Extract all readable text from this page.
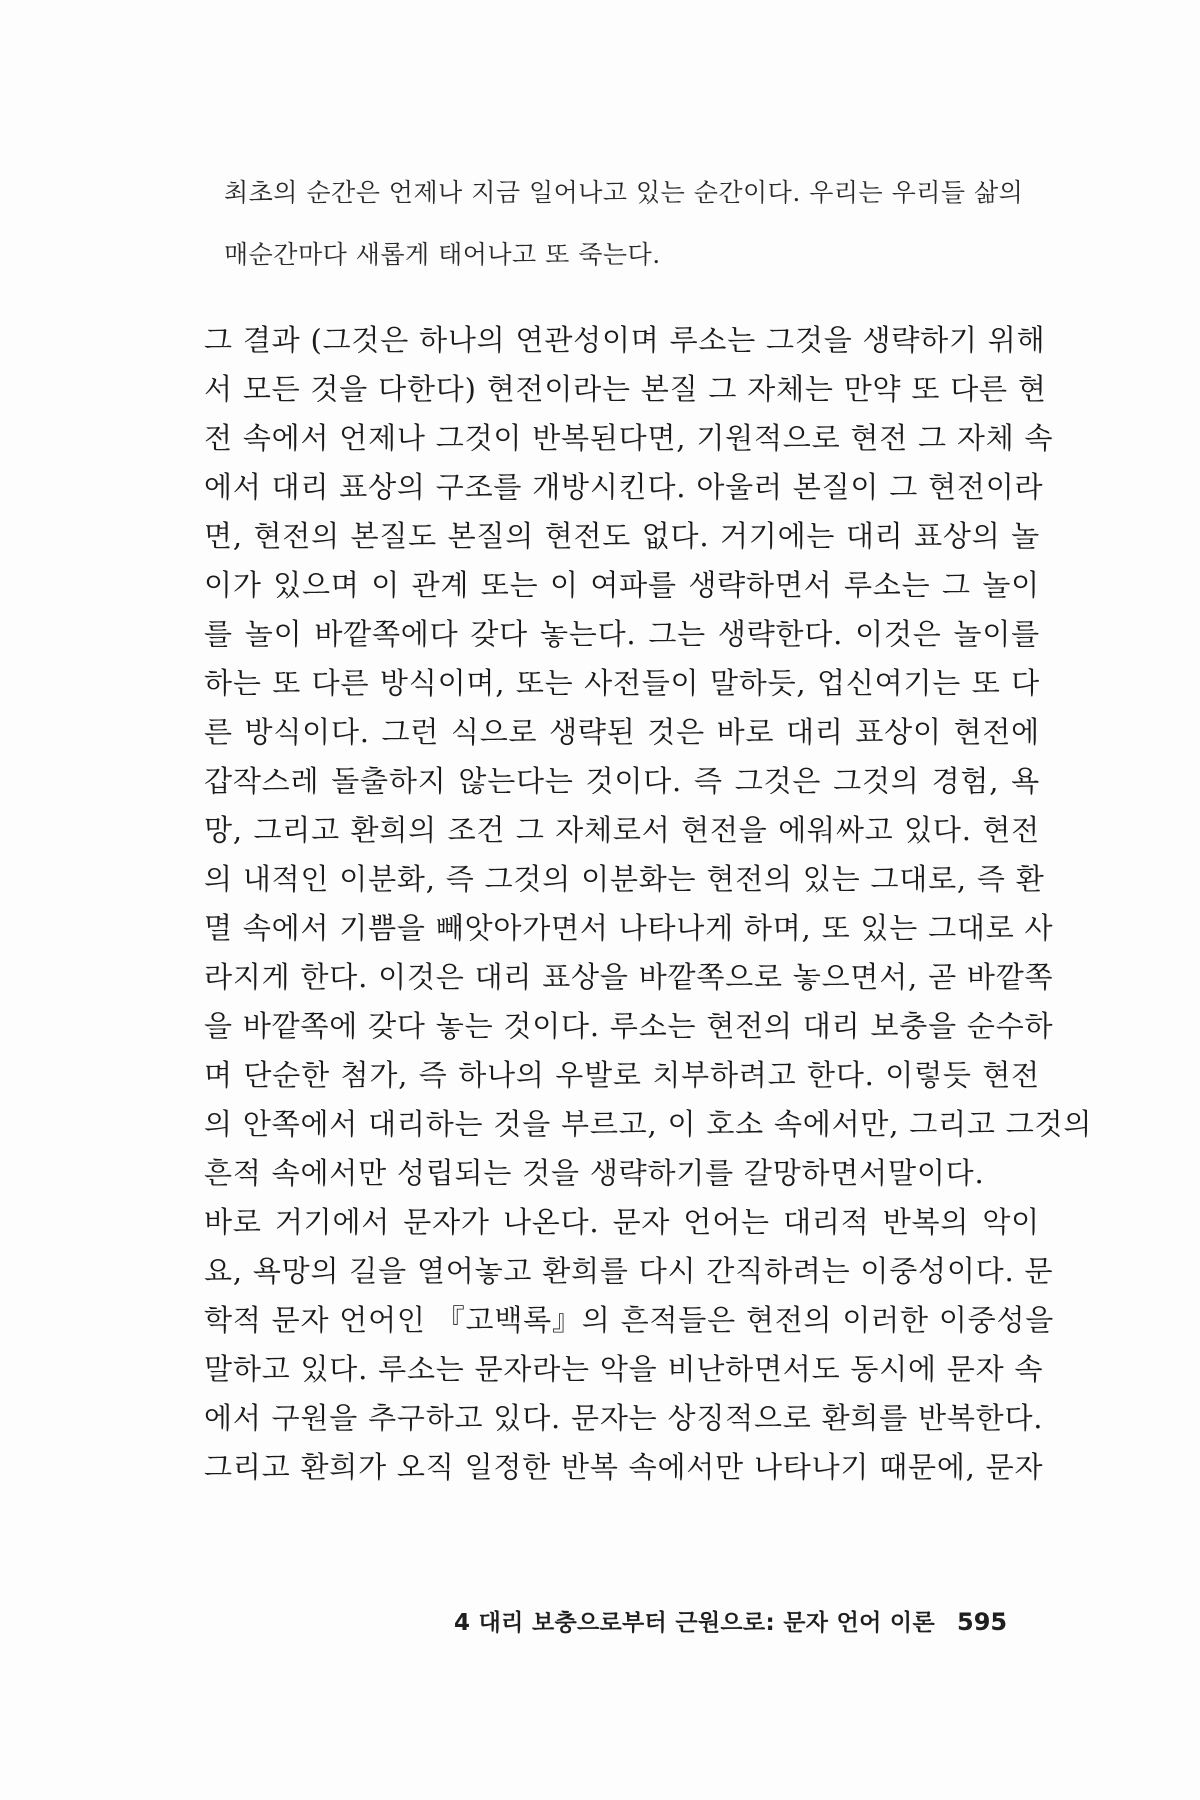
최초의 순간은 언제나 지금 일어나고 있는 순간이다. 우리는 우리들 삶의
매순간마다 새롭게 태어나고 또 죽는다.
그 결과 (그것은 하나의 연관성이며 루소는 그것을 생략하기 위해
서 모든 것을 다한다) 현전이라는 본질 그 자체는 만약 또 다른 현
전 속에서 언제나 그것이 반복된다면, 기원적으로 현전 그 자체 속
에서 대리 표상의 구조를 개방시킨다. 아울러 본질이 그 현전이라
면, 현전의 본질도 본질의 현전도 없다. 거기에는 대리 표상의 놀
이가 있으며 이 관계 또는 이 여파를 생략하면서 루소는 그 놀이
를 놀이 바깥쪽에다 갖다 놓는다. 그는 생략한다. 이것은 놀이를
하는 또 다른 방식이며, 또는 사전들이 말하듯, 업신여기는 또 다
른 방식이다. 그런 식으로 생략된 것은 바로 대리 표상이 현전에
갑작스레 돌출하지 않는다는 것이다. 즉 그것은 그것의 경험, 욕
망, 그리고 환희의 조건 그 자체로서 현전을 에워싸고 있다. 현전
의 내적인 이분화, 즉 그것의 이분화는 현전의 있는 그대로, 즉 환
멸 속에서 기쁨을 빼앗아가면서 나타나게 하며, 또 있는 그대로 사
라지게 한다. 이것은 대리 표상을 바깥쪽으로 놓으면서, 곧 바깥쪽
을 바깥쪽에 갖다 놓는 것이다. 루소는 현전의 대리 보충을 순수하
며 단순한 첨가, 즉 하나의 우발로 치부하려고 한다. 이렇듯 현전
의 안쪽에서 대리하는 것을 부르고, 이 호소 속에서만, 그리고 그것의
흔적 속에서만 성립되는 것을 생략하기를 갈망하면서말이다.
바로 거기에서 문자가 나온다. 문자 언어는 대리적 반복의 악이
요, 욕망의 길을 열어놓고 환희를 다시 간직하려는 이중성이다. 문
학적 문자 언어인 『고백록』의 흔적들은 현전의 이러한 이중성을
말하고 있다. 루소는 문자라는 악을 비난하면서도 동시에 문자 속
에서 구원을 추구하고 있다. 문자는 상징적으로 환희를 반복한다.
그리고 환희가 오직 일정한 반복 속에서만 나타나기 때문에, 문자
4 대리 보충으로부터 근원으로: 문자 언어 이론 595
